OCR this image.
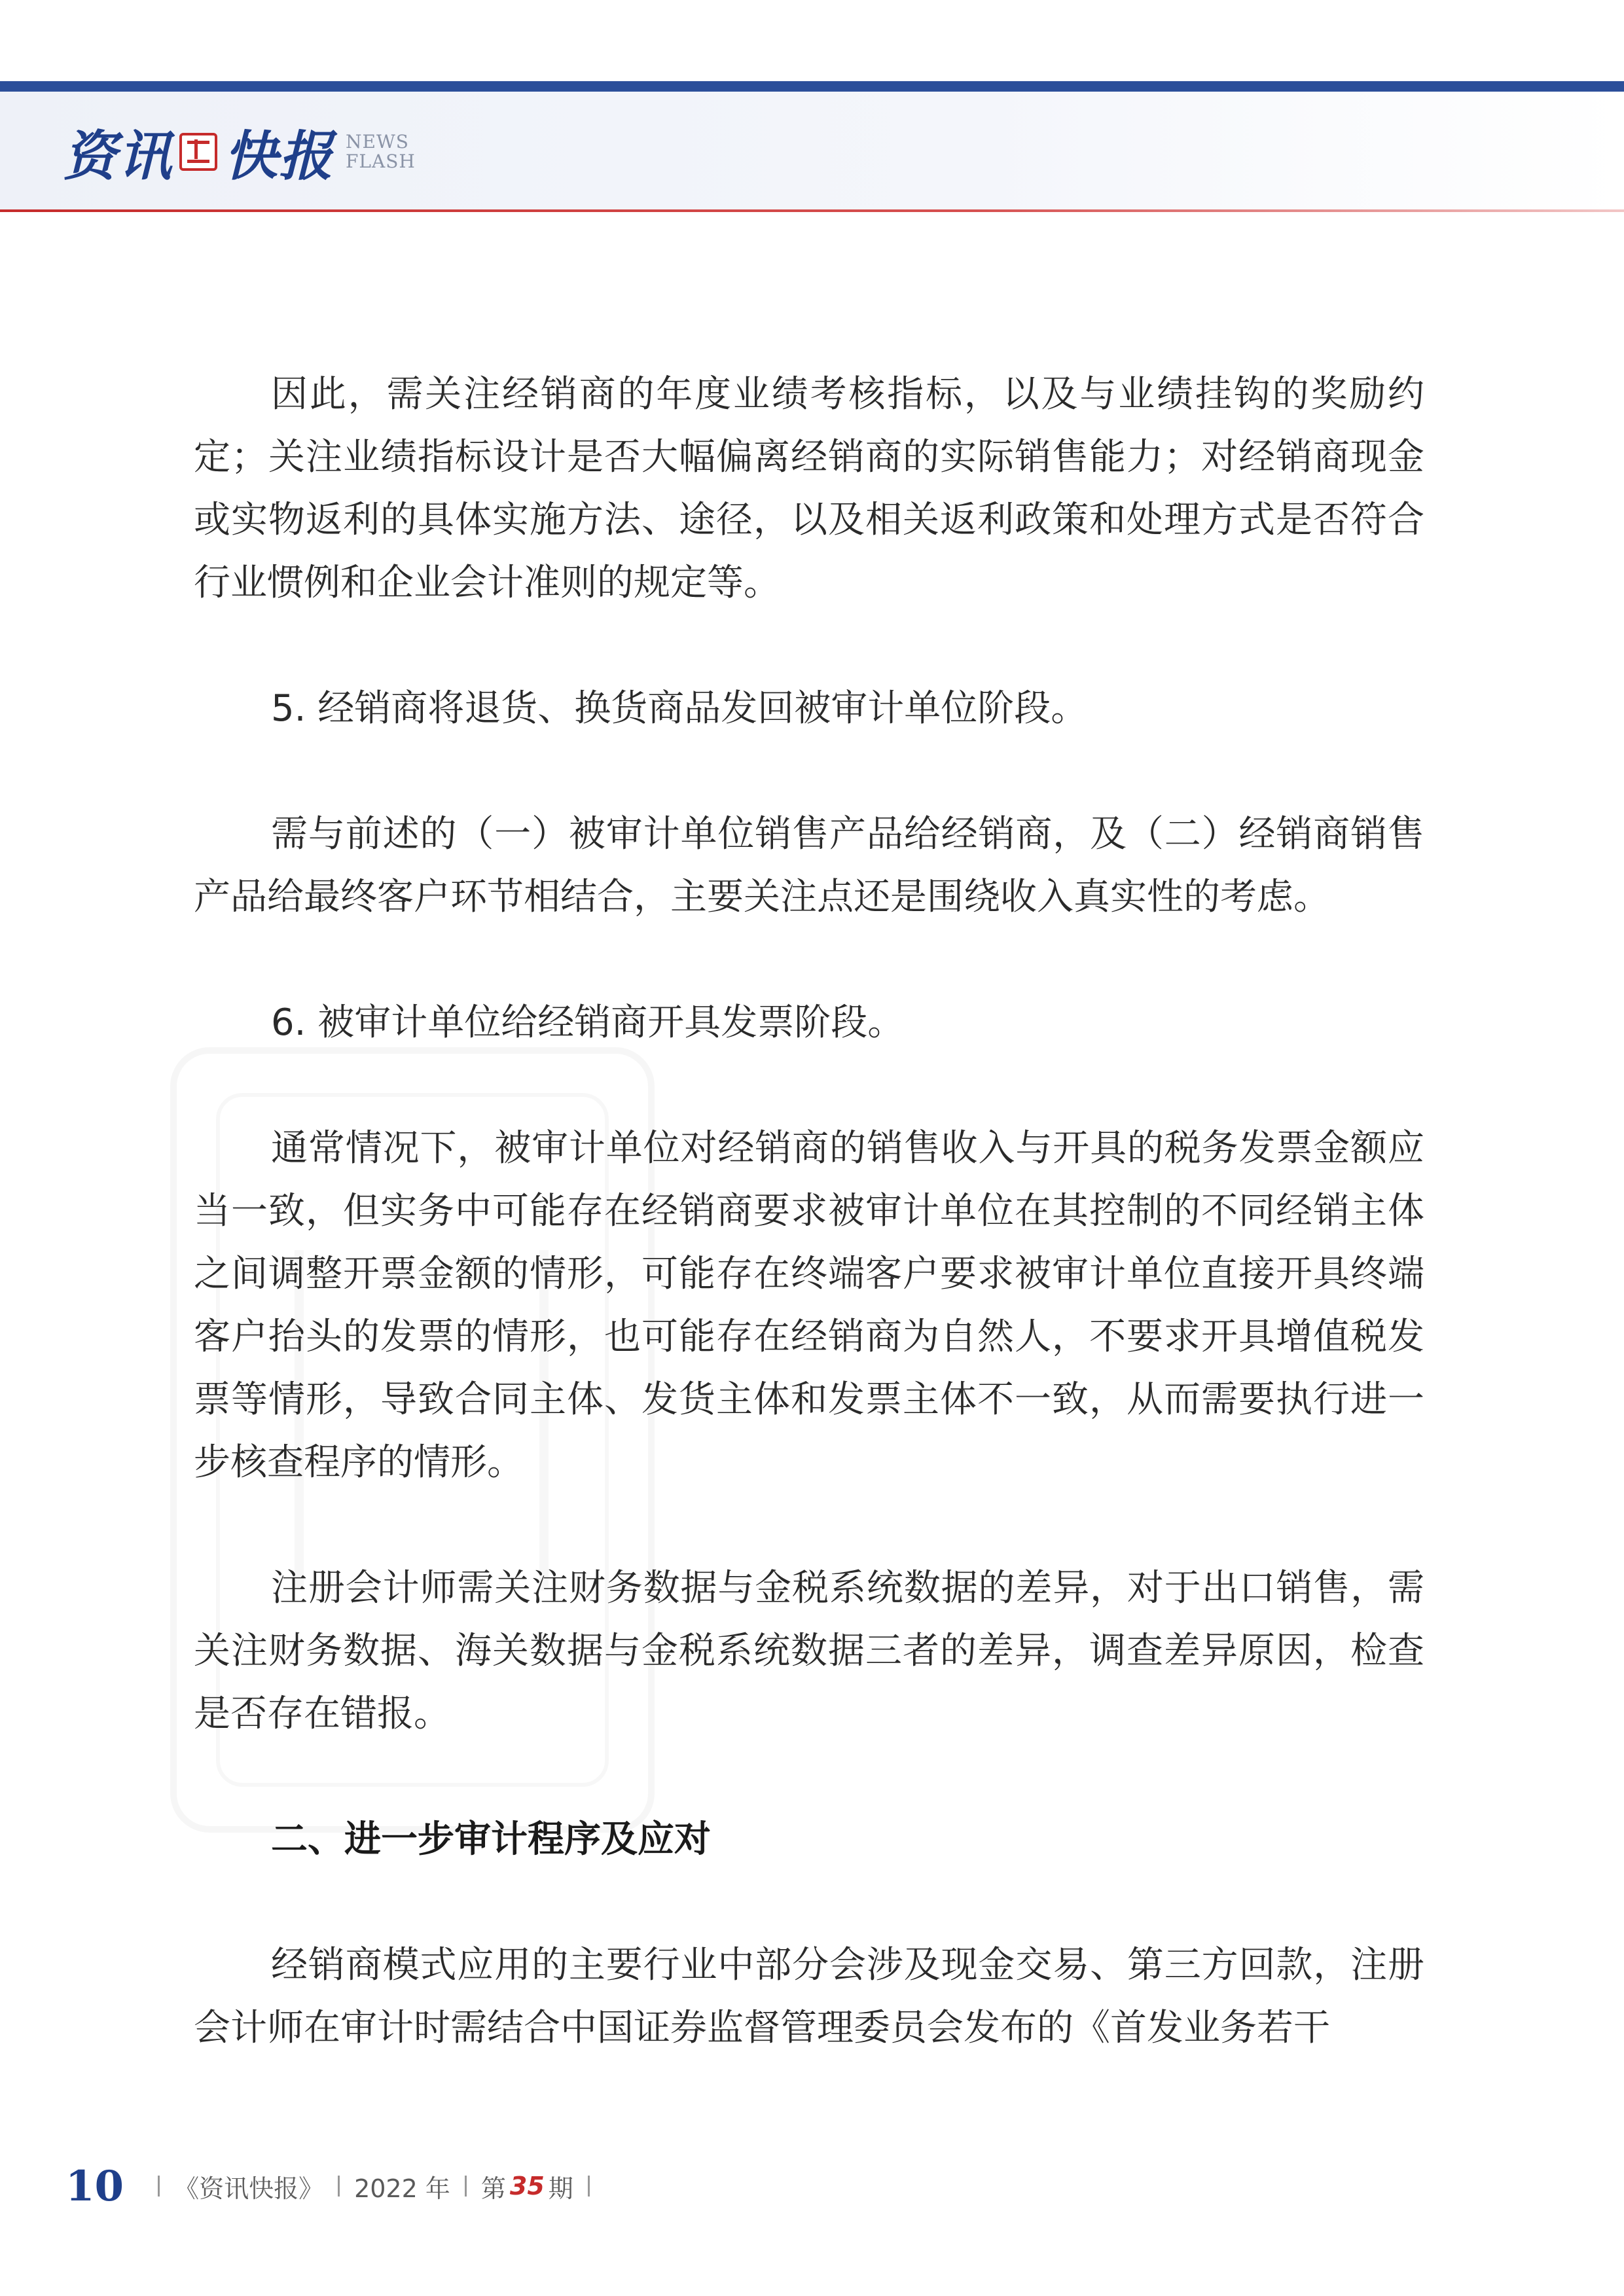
资讯 快报 NEWS
FLASH

因此，需关注经销商的年度业绩考核指标，以及与业绩挂钩的奖励约定；关注业绩指标设计是否大幅偏离经销商的实际销售能力；对经销商现金或实物返利的具体实施方法、途径，以及相关返利政策和处理方式是否符合行业惯例和企业会计准则的规定等。

5. 经销商将退货、换货商品发回被审计单位阶段。

需与前述的（一）被审计单位销售产品给经销商，及（二）经销商销售产品给最终客户环节相结合，主要关注点还是围绕收入真实性的考虑。

6. 被审计单位给经销商开具发票阶段。

通常情况下，被审计单位对经销商的销售收入与开具的税务发票金额应当一致，但实务中可能存在经销商要求被审计单位在其控制的不同经销主体之间调整开票金额的情形，可能存在终端客户要求被审计单位直接开具终端客户抬头的发票的情形，也可能存在经销商为自然人，不要求开具增值税发票等情形，导致合同主体、发货主体和发票主体不一致，从而需要执行进一步核查程序的情形。

注册会计师需关注财务数据与金税系统数据的差异，对于出口销售，需关注财务数据、海关数据与金税系统数据三者的差异，调查差异原因，检查是否存在错报。

二、进一步审计程序及应对

经销商模式应用的主要行业中部分会涉及现金交易、第三方回款，注册会计师在审计时需结合中国证券监督管理委员会发布的《首发业务若干

10 《资讯快报》 2022 年 第 35 期
